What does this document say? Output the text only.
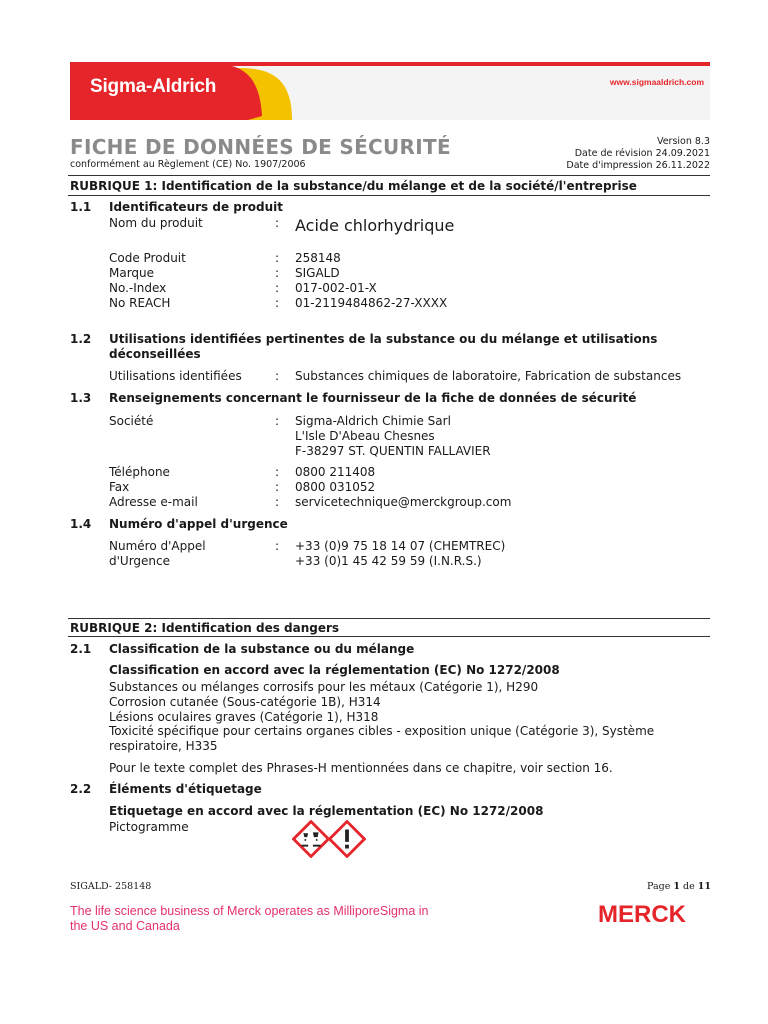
Sigma-Aldrich	www.sigmaaldrich.com
FICHE DE DONNÉES DE SÉCURITÉ
conformément au Règlement (CE) No. 1907/2006
Version 8.3
Date de révision 24.09.2021
Date d'impression 26.11.2022
RUBRIQUE 1: Identification de la substance/du mélange et de la société/l'entreprise
1.1 Identificateurs de produit
Nom du produit	: Acide chlorhydrique
Code Produit	: 258148
Marque	: SIGALD
No.-Index	: 017-002-01-X
No REACH	: 01-2119484862-27-XXXX
1.2 Utilisations identifiées pertinentes de la substance ou du mélange et utilisations
déconseillées
Utilisations identifiées	: Substances chimiques de laboratoire, Fabrication de substances
1.3 Renseignements concernant le fournisseur de la fiche de données de sécurité
Société	: Sigma-Aldrich Chimie Sarl
L'Isle D'Abeau Chesnes
F-38297 ST. QUENTIN FALLAVIER
Téléphone	: 0800 211408
Fax	: 0800 031052
Adresse e-mail	: servicetechnique@merckgroup.com
1.4 Numéro d'appel d'urgence
Numéro d'Appel
d'Urgence
: +33 (0)9 75 18 14 07 (CHEMTREC)
+33 (0)1 45 42 59 59 (I.N.R.S.)
RUBRIQUE 2: Identification des dangers
2.1 Classification de la substance ou du mélange
Classification en accord avec la réglementation (EC) No 1272/2008
Substances ou mélanges corrosifs pour les métaux (Catégorie 1), H290
Corrosion cutanée (Sous-catégorie 1B), H314
Lésions oculaires graves (Catégorie 1), H318
Toxicité spécifique pour certains organes cibles - exposition unique (Catégorie 3), Système
respiratoire, H335
Pour le texte complet des Phrases-H mentionnées dans ce chapitre, voir section 16.
2.2 Éléments d'étiquetage
Etiquetage en accord avec la réglementation (EC) No 1272/2008
Pictogramme
SIGALD- 258148	Page 1 de 11
The life science business of Merck operates as MilliporeSigma in
the US and Canada	MERCK
